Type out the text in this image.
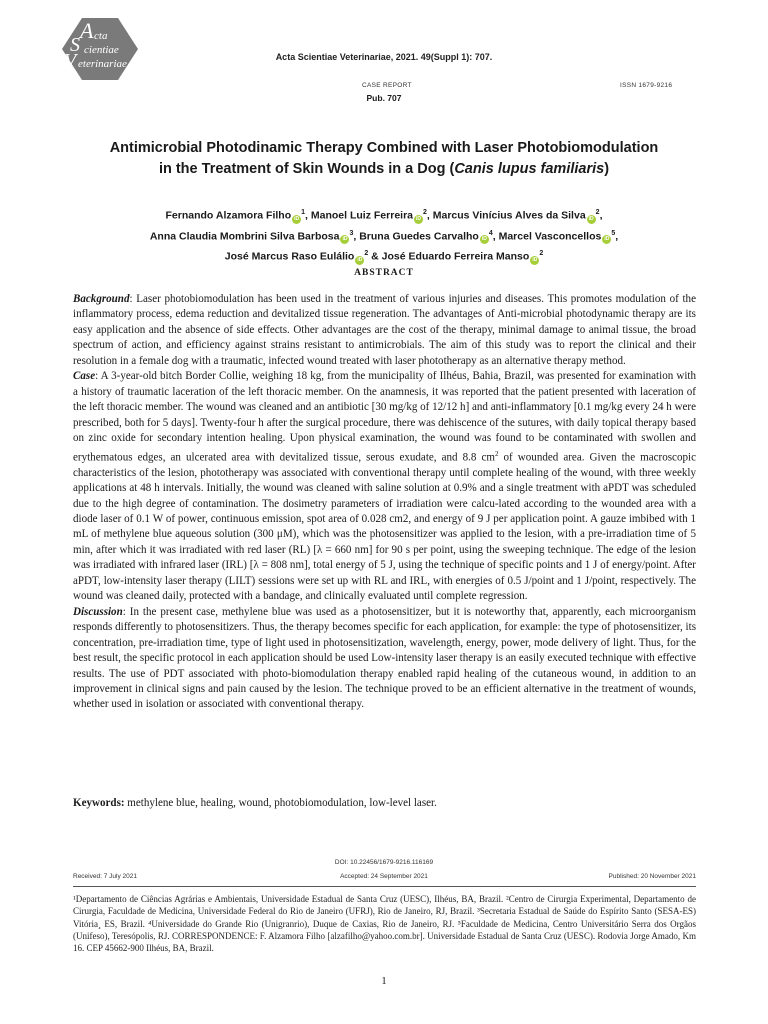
A cta
S cientiae
V eterinariae
Acta Scientiae Veterinariae, 2021. 49(Suppl 1): 707.
CASE REPORT
Pub. 707
ISSN 1679-9216
Antimicrobial Photodinamic Therapy Combined with Laser Photobiomodulation
in the Treatment of Skin Wounds in a Dog (Canis lupus familiaris)
Fernando Alzamora Filho $iD^1$, Manoel Luiz Ferreira $iD^2$, Marcus Vinícius Alves da Silva $iD^2$,
Anna Claudia Mombrini Silva Barbosa $iD^3$, Bruna Guedes Carvalho $iD^4$, Marcel Vasconcellos $iD^5$,
José Marcus Raso Eulálio $iD^2$ & José Eduardo Ferreira Manso $iD^2$
ABSTRACT

Background: Laser photobiomodulation has been used in the treatment of various injuries and diseases. This promotes modulation of the inflammatory process, edema reduction and devitalized tissue regeneration. The advantages of Anti-microbial photodynamic therapy are its easy application and the absence of side effects. Other advantages are the cost of the therapy, minimal damage to animal tissue, the broad spectrum of action, and efficiency against strains resistant to antimicrobials. The aim of this study was to report the clinical and their resolution in a female dog with a traumatic, infected wound treated with laser phototherapy as an alternative therapy method.

Case: A 3-year-old bitch Border Collie, weighing 18 kg, from the municipality of Ilhéus, Bahia, Brazil, was presented for examination with a history of traumatic laceration of the left thoracic member. On the anamnesis, it was reported that the patient presented with laceration of the left thoracic member. The wound was cleaned and an antibiotic [30 mg/kg of 12/12 h] and anti-inflammatory [0.1 mg/kg every 24 h were prescribed, both for 5 days]. Twenty-four h after the surgical procedure, there was dehiscence of the sutures, with daily topical therapy based on zinc oxide for secondary intention healing. Upon physical examination, the wound was found to be contaminated with swollen and erythematous edges, an ulcerated area with devitalized tissue, serous exudate, and 8.8 $cm^2$ of wounded area. Given the macroscopic characteristics of the lesion, phototherapy was associated with conventional therapy until complete healing of the wound, with three weekly applications at 48 h intervals. Initially, the wound was cleaned with saline solution at 0.9% and a single treatment with aPDT was scheduled due to the high degree of contamination. The dosimetry parameters of irradiation were calcu-lated according to the wounded area with a diode laser of 0.1 W of power, continuous emission, spot area of 0.028 cm2, and energy of 9 J per application point. A gauze imbibed with 1 mL of methylene blue aqueous solution (300 μM), which was the photosensitizer was applied to the lesion, with a pre-irradiation time of 5 min, after which it was irradiated with red laser (RL) [λ = 660 nm] for 90 s per point, using the sweeping technique. The edge of the lesion was irradiated with infrared laser (IRL) [λ = 808 nm], total energy of 5 J, using the technique of specific points and 1 J of energy/point. After aPDT, low-intensity laser therapy (LILT) sessions were set up with RL and IRL, with energies of 0.5 J/point and 1 J/point, respectively. The wound was cleaned daily, protected with a bandage, and clinically evaluated until complete regression.

Discussion: In the present case, methylene blue was used as a photosensitizer, but it is noteworthy that, apparently, each microorganism responds differently to photosensitizers. Thus, the therapy becomes specific for each application, for example: the type of photosensitizer, its concentration, pre-irradiation time, type of light used in photosensitization, wavelength, energy, power, mode delivery of light. Thus, for the best result, the specific protocol in each application should be used Low-intensity laser therapy is an easily executed technique with effective results. The use of PDT associated with photo-biomodulation therapy enabled rapid healing of the cutaneous wound, in addition to an improvement in clinical signs and pain caused by the lesion. The technique proved to be an efficient alternative in the treatment of wounds, whether used in isolation or associated with conventional therapy.

Keywords: methylene blue, healing, wound, photobiomodulation, low-level laser.
DOI: 10.22456/1679-9216.116169
Received: 7 July 2021	Accepted: 24 September 2021	Published: 20 November 2021
¹Departamento de Ciências Agrárias e Ambientais, Universidade Estadual de Santa Cruz (UESC), Ilhéus, BA, Brazil. ²Centro de Cirurgia Experimental, Departamento de Cirurgia, Faculdade de Medicina, Universidade Federal do Rio de Janeiro (UFRJ), Rio de Janeiro, RJ, Brazil. ³Secretaria Estadual de Saúde do Espírito Santo (SESA-ES) Vitória¸ ES, Brazil. ⁴Universidade do Grande Rio (Unigranrio), Duque de Caxias, Rio de Janeiro, RJ. ⁵Faculdade de Medicina, Centro Universitário Serra dos Orgãos (Unifeso), Teresópolis, RJ. CORRESPONDENCE: F. Alzamora Filho [alzafilho@yahoo.com.br]. Universidade Estadual de Santa Cruz (UESC). Rodovia Jorge Amado, Km 16. CEP 45662-900 Ilhéus, BA, Brazil.
1
